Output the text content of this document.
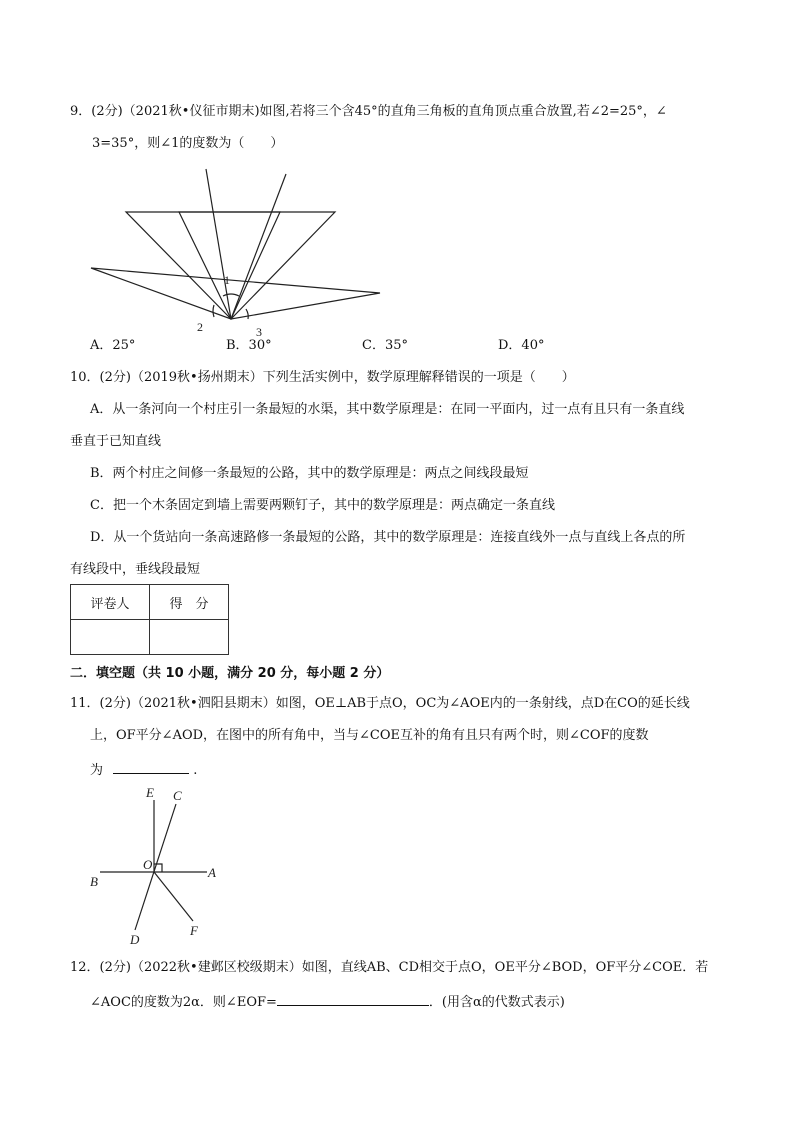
9．(2分)（2021秋•仪征市期末)如图,若将三个含45°的直角三角板的直角顶点重合放置,若∠2=25°，∠
3=35°，则∠1的度数为（　　）
1
2	3
A．25°	B．30°	C．35°	D．40°
10．(2分)（2019秋•扬州期末）下列生活实例中，数学原理解释错误的一项是（　　）
A．从一条河向一个村庄引一条最短的水渠，其中数学原理是：在同一平面内，过一点有且只有一条直线
垂直于已知直线
B．两个村庄之间修一条最短的公路，其中的数学原理是：两点之间线段最短
C．把一个木条固定到墙上需要两颗钉子，其中的数学原理是：两点确定一条直线
D．从一个货站向一条高速路修一条最短的公路，其中的数学原理是：连接直线外一点与直线上各点的所
有线段中，垂线段最短
评卷人	得　分

二．填空题（共 10 小题，满分 20 分，每小题 2 分）
11．(2分)（2021秋•泗阳县期末）如图，OE⊥AB于点O，OC为∠AOE内的一条射线，点D在CO的延长线
上，OF平分∠AOD，在图中的所有角中，当与∠COE互补的角有且只有两个时，则∠COF的度数
为	.
E C
O
B
A
D
F
12．(2分)（2022秋•建邺区校级期末）如图，直线AB、CD相交于点O，OE平分∠BOD，OF平分∠COE．若
∠AOC的度数为2α．则∠EOF=	．(用含α的代数式表示)
